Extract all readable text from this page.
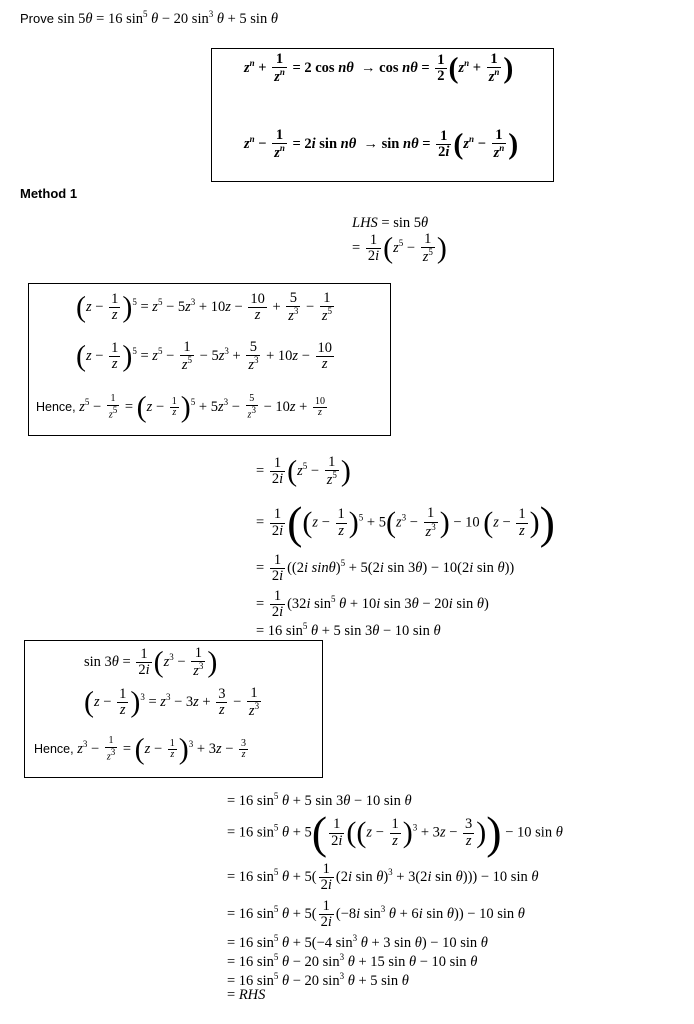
Prove sin 5θ = 16 $\sin^5 \theta - 20$ $\sin^3 \theta + 5$ sin θ
$z^n + \frac{1}{z^n} = 2$ $\cos n\theta \to \cos n\theta = \frac{1}{2} (z^n + \frac{1}{z^n}$ )
$z^n - \frac{1}{z^n} = 2i$ $\sin n\theta \to \sin n\theta = \frac{1}{2i} (z^n - \frac{1}{z^n}$ )
Method 1
LHS = sin 5θ
= $\frac{1}{2i} (z^5 - \frac{1}{z^5}$ )
$(z - \frac{1}{z} )^5 = z^5 - 5z^3 + 10z - \frac{10}{z} + \frac{5}{z^3} - \frac{1}{z^5}$
$(z - \frac{1}{z} )^5 = z^5 - \frac{1}{z^5} - 5z^3 + \frac{5}{z^3} + 10z - \frac{10}{z}$
Hence, $z^5 - \frac{1}{z^5} = (z - \frac{1}{z} )^5 + 5z^3 - \frac{5}{z^3} - 10z + \frac{10}{z}$
= $\frac{1}{2i} (z^5 - \frac{1}{z^5}$ )
= $\frac{1}{2i} ((z - \frac{1}{z} )^5 + 5(z^3 - \frac{1}{z^3}$ ) − 10 ($z - \frac{1}{z}$ ))
= $\frac{1}{2i} ((2i$ sinθ)$^5$ + 5(2i sin 3θ) − 10(2i sin θ))
= $\frac{1}{2i} (32i$ $\sin^5 \theta + 10i$ sin 3θ − 20i sin θ)
= 16 $\sin^5 \theta + 5$ sin 3θ − 10 sin θ
$\sin 3\theta = \frac{1}{2i} (z^3 - \frac{1}{z^3}$ )
$(z - \frac{1}{z} )^3 = z^3 - 3z + \frac{3}{z} - \frac{1}{z^3}$
Hence, $z^3 - \frac{1}{z^3} = (z - \frac{1}{z} )^3 + 3z - \frac{3}{z}$
= 16 $\sin^5 \theta + 5$ sin 3θ − 10 sin θ
= 16 $\sin^5 \theta + 5( \frac{1}{2i} ((z - \frac{1}{z} )^3 + 3z - \frac{3}{z}$ )) − 10 sin θ
= 16 $\sin^5 \theta + 5( \frac{1}{2i} (2i$ sin θ)$^3$ + 3(2i sin θ))) − 10 sin θ
= 16 $\sin^5 \theta + 5( \frac{1}{2i} (-8i$ $\sin^3 \theta + 6i$ sin θ)) − 10 sin θ
= 16 $\sin^5 \theta + 5(-4$ $\sin^3 \theta + 3$ sin θ) − 10 sin θ
= 16 $\sin^5 \theta - 20$ $\sin^3 \theta + 15$ sin θ − 10 sin θ
= 16 $\sin^5 \theta - 20$ $\sin^3 \theta + 5$ sin θ
= RHS
